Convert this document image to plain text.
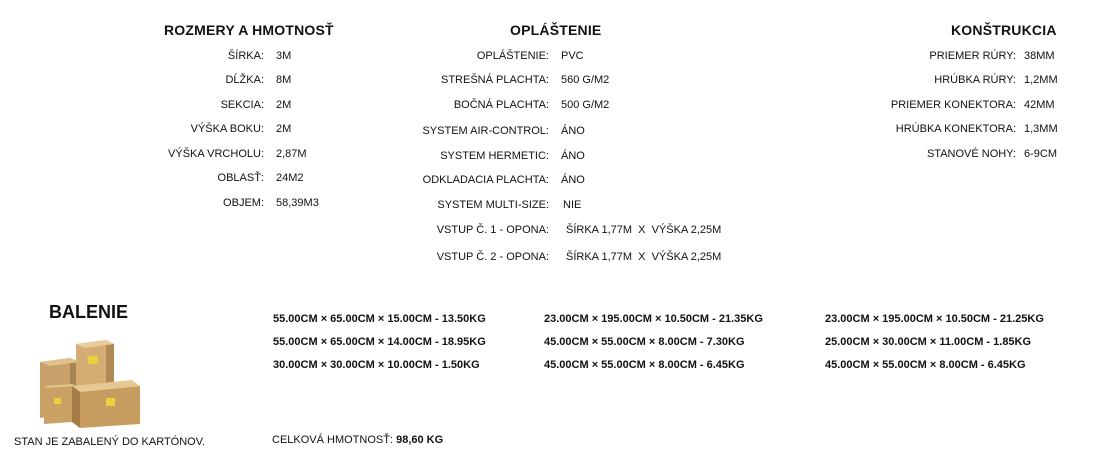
ROZMERY A HMOTNOSŤ	OPLÁŠTENIE	KONŠTRUKCIA
ŠÍRKA: 3M
DĹŽKA: 8M
SEKCIA: 2M
VÝŠKA BOKU: 2M
VÝŠKA VRCHOLU: 2,87M
OBLASŤ: 24M2
OBJEM: 58,39M3
OPLÁŠTENIE: PVC
STREŠNÁ PLACHTA: 560 G/M2
BOČNÁ PLACHTA: 500 G/M2
SYSTEM AIR-CONTROL: ÁNO
SYSTEM HERMETIC: ÁNO
ODKLADACIA PLACHTA: ÁNO
SYSTEM MULTI-SIZE: NIE
VSTUP Č. 1 - OPONA: ŠÍRKA 1,77M  X  VÝŠKA 2,25M
VSTUP Č. 2 - OPONA: ŠÍRKA 1,77M  X  VÝŠKA 2,25M
PRIEMER RÚRY: 38MM
HRÚBKA RÚRY: 1,2MM
PRIEMER KONEKTORA: 42MM
HRÚBKA KONEKTORA: 1,3MM
STANOVÉ NOHY: 6-9CM
BALENIE
STAN JE ZABALENÝ DO KARTÓNOV.
55.00CM × 65.00CM × 15.00CM - 13.50KG
55.00CM × 65.00CM × 14.00CM - 18.95KG
30.00CM × 30.00CM × 10.00CM - 1.50KG
23.00CM × 195.00CM × 10.50CM - 21.35KG
45.00CM × 55.00CM × 8.00CM - 7.30KG
45.00CM × 55.00CM × 8.00CM - 6.45KG
23.00CM × 195.00CM × 10.50CM - 21.25KG
25.00CM × 30.00CM × 11.00CM - 1.85KG
45.00CM × 55.00CM × 8.00CM - 6.45KG
CELKOVÁ HMOTNOSŤ: 98,60 KG
